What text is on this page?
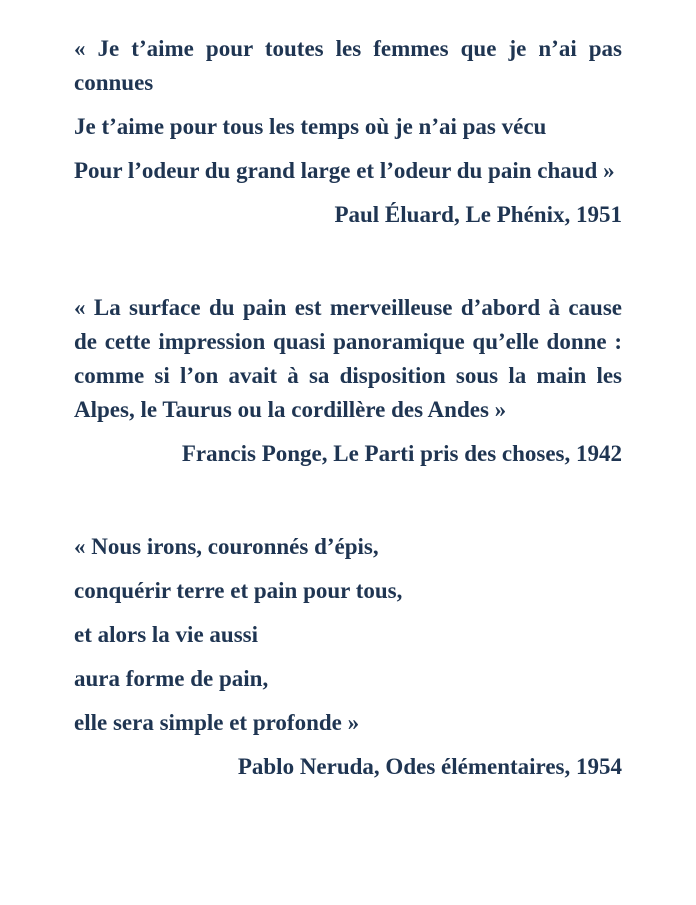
« Je t’aime pour toutes les femmes que je n’ai pas connues
Je t’aime pour tous les temps où je n’ai pas vécu
Pour l’odeur du grand large et l’odeur du pain chaud »
Paul Éluard, Le Phénix, 1951
« La surface du pain est merveilleuse d’abord à cause de cette impression quasi panoramique qu’elle donne : comme si l’on avait à sa disposition sous la main les Alpes, le Taurus ou la cordillère des Andes »
Francis Ponge, Le Parti pris des choses, 1942
« Nous irons, couronnés d’épis,
conquérir terre et pain pour tous,
et alors la vie aussi
aura forme de pain,
elle sera simple et profonde »
Pablo Neruda, Odes élémentaires, 1954
